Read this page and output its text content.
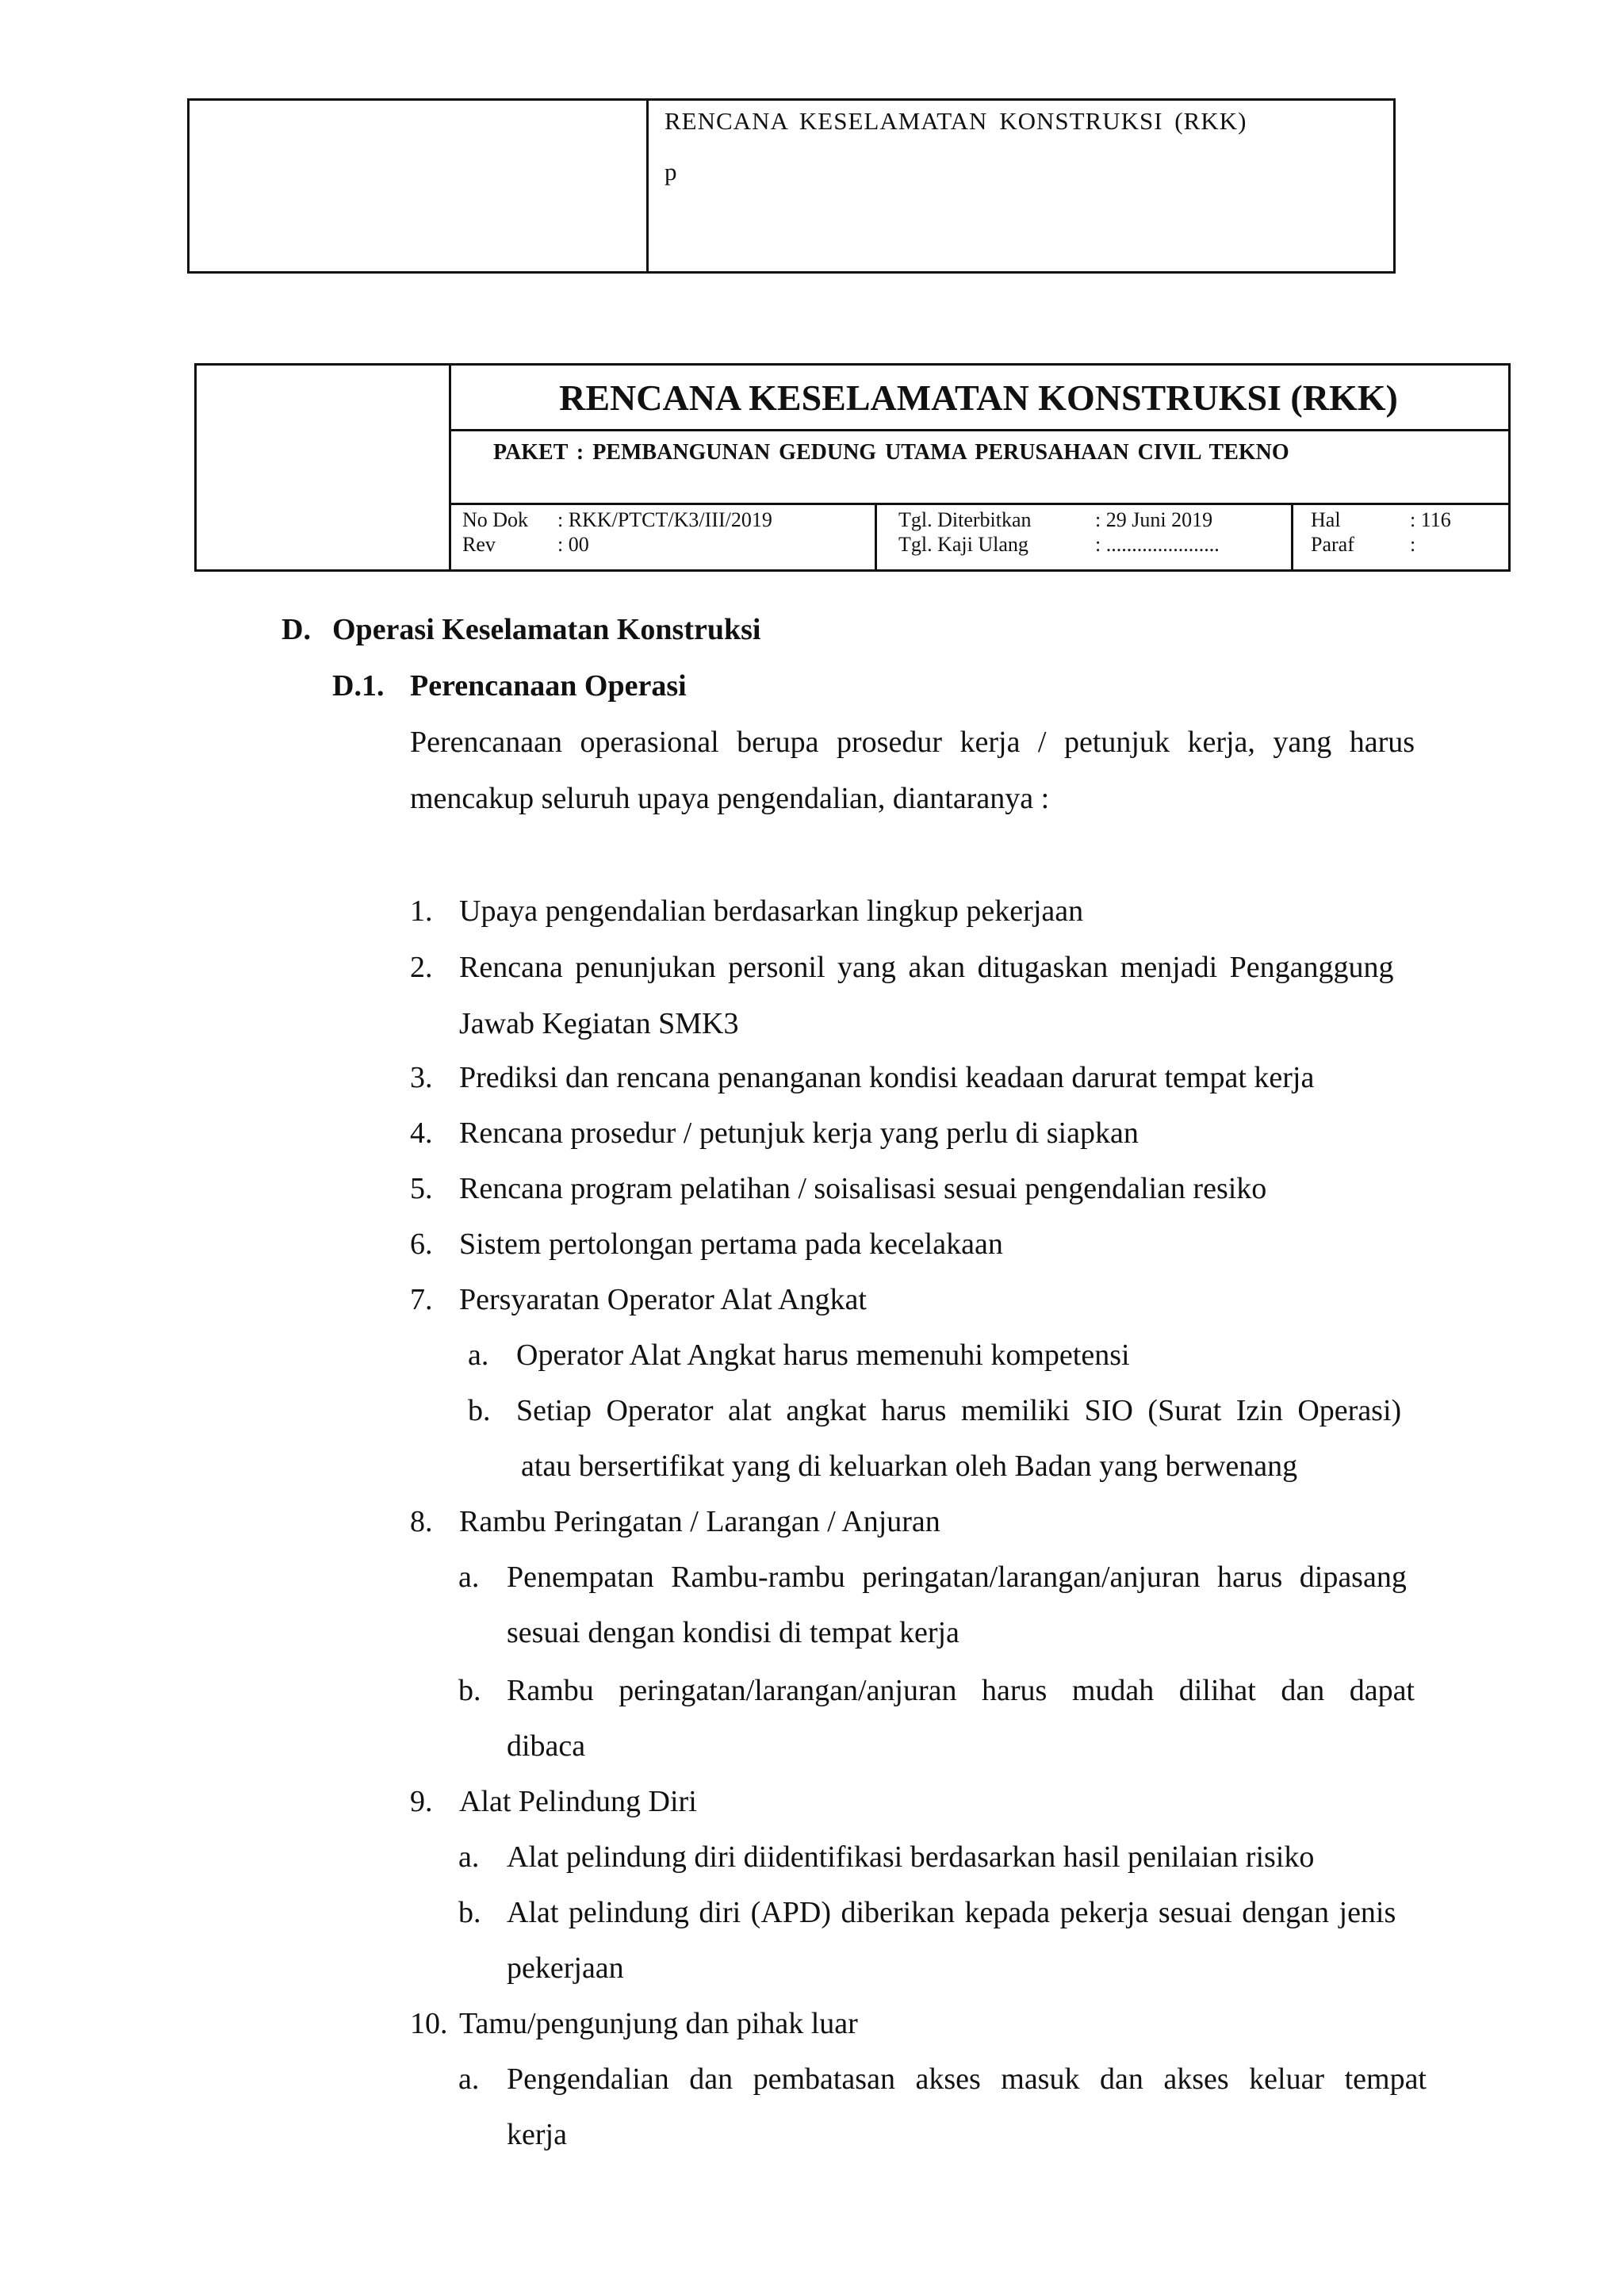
RENCANA KESELAMATAN KONSTRUKSI (RKK)
p
RENCANA KESELAMATAN KONSTRUKSI (RKK)
PAKET : PEMBANGUNAN GEDUNG UTAMA PERUSAHAAN CIVIL TEKNO
No Dok : RKK/PTCT/K3/III/2019
Rev	: 00
Tgl. Diterbitkan	: 29 Juni 2019
Tgl. Kaji Ulang	: ......................
Hal	: 116
Paraf	:
D. Operasi Keselamatan Konstruksi
D.1. Perencanaan Operasi
Perencanaan operasional berupa prosedur kerja / petunjuk kerja, yang harus
mencakup seluruh upaya pengendalian, diantaranya :
1. Upaya pengendalian berdasarkan lingkup pekerjaan
2. Rencana penunjukan personil yang akan ditugaskan menjadi Penganggung
Jawab Kegiatan SMK3
3. Prediksi dan rencana penanganan kondisi keadaan darurat tempat kerja
4. Rencana prosedur / petunjuk kerja yang perlu di siapkan
5. Rencana program pelatihan / soisalisasi sesuai pengendalian resiko
6. Sistem pertolongan pertama pada kecelakaan
7. Persyaratan Operator Alat Angkat
a. Operator Alat Angkat harus memenuhi kompetensi
b. Setiap Operator alat angkat harus memiliki SIO (Surat Izin Operasi)
atau bersertifikat yang di keluarkan oleh Badan yang berwenang
8. Rambu Peringatan / Larangan / Anjuran
a. Penempatan Rambu-rambu peringatan/larangan/anjuran harus dipasang
sesuai dengan kondisi di tempat kerja
b. Rambu peringatan/larangan/anjuran harus mudah dilihat dan dapat
dibaca
9. Alat Pelindung Diri
a. Alat pelindung diri diidentifikasi berdasarkan hasil penilaian risiko
b. Alat pelindung diri (APD) diberikan kepada pekerja sesuai dengan jenis
pekerjaan
10. Tamu/pengunjung dan pihak luar
a. Pengendalian dan pembatasan akses masuk dan akses keluar tempat
kerja
